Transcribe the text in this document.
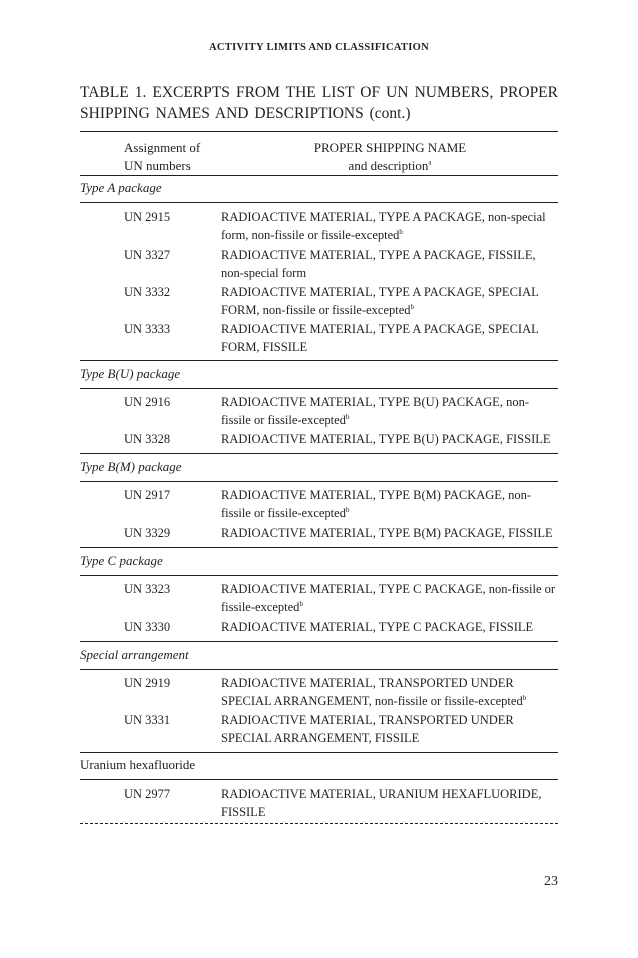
ACTIVITY LIMITS AND CLASSIFICATION
TABLE 1. EXCERPTS FROM THE LIST OF UN NUMBERS, PROPER SHIPPING NAMES AND DESCRIPTIONS (cont.)
Assignment of
UN numbers
PROPER SHIPPING NAME
and description$^a$
Type A package
UN 2915	RADIOACTIVE MATERIAL, TYPE A PACKAGE, non-special
form, non-fissile or fissile-excepted$^b$
UN 3327	RADIOACTIVE MATERIAL, TYPE A PACKAGE, FISSILE,
non-special form
UN 3332	RADIOACTIVE MATERIAL, TYPE A PACKAGE, SPECIAL
FORM, non-fissile or fissile-excepted$^b$
UN 3333	RADIOACTIVE MATERIAL, TYPE A PACKAGE, SPECIAL
FORM, FISSILE
Type B(U) package
UN 2916	RADIOACTIVE MATERIAL, TYPE B(U) PACKAGE, non-
fissile or fissile-excepted$^b$
UN 3328	RADIOACTIVE MATERIAL, TYPE B(U) PACKAGE, FISSILE
Type B(M) package
UN 2917	RADIOACTIVE MATERIAL, TYPE B(M) PACKAGE, non-
fissile or fissile-excepted$^b$
UN 3329	RADIOACTIVE MATERIAL, TYPE B(M) PACKAGE, FISSILE
Type C package
UN 3323	RADIOACTIVE MATERIAL, TYPE C PACKAGE, non-fissile or
fissile-excepted$^b$
UN 3330	RADIOACTIVE MATERIAL, TYPE C PACKAGE, FISSILE
Special arrangement
UN 2919	RADIOACTIVE MATERIAL, TRANSPORTED UNDER
SPECIAL ARRANGEMENT, non-fissile or fissile-excepted$^b$
UN 3331	RADIOACTIVE MATERIAL, TRANSPORTED UNDER
SPECIAL ARRANGEMENT, FISSILE
Uranium hexafluoride
UN 2977	RADIOACTIVE MATERIAL, URANIUM HEXAFLUORIDE,
FISSILE
23
